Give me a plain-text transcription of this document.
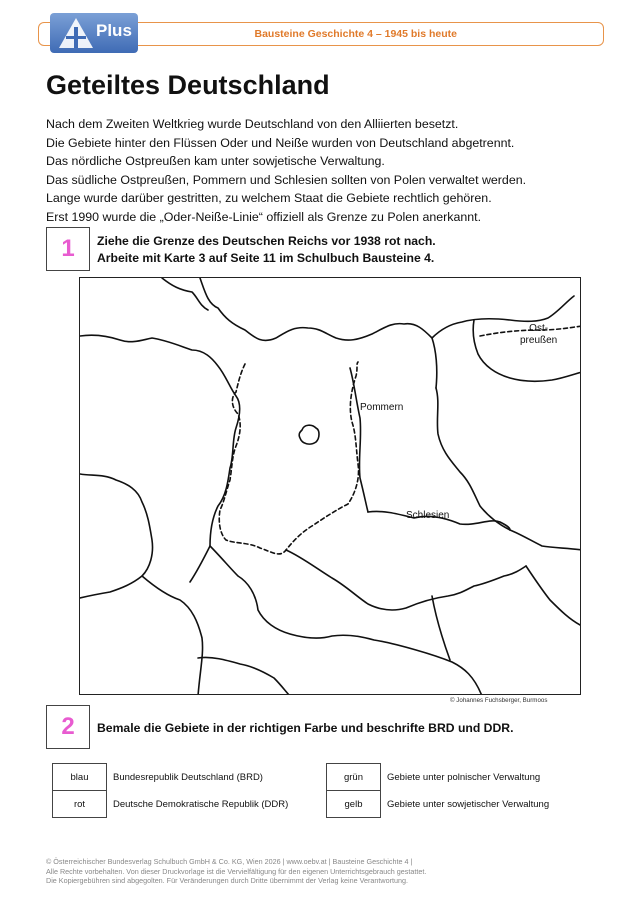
Bausteine Geschichte 4 – 1945 bis heute
Plus
Geteiltes Deutschland
Nach dem Zweiten Weltkrieg wurde Deutschland von den Alliierten besetzt.
Die Gebiete hinter den Flüssen Oder und Neiße wurden von Deutschland abgetrennt.
Das nördliche Ostpreußen kam unter sowjetische Verwaltung.
Das südliche Ostpreußen, Pommern und Schlesien sollten von Polen verwaltet werden.
Lange wurde darüber gestritten, zu welchem Staat die Gebiete rechtlich gehören.
Erst 1990 wurde die „Oder-Neiße-Linie“ offiziell als Grenze zu Polen anerkannt.
1	Ziehe die Grenze des Deutschen Reichs vor 1938 rot nach.
Arbeite mit Karte 3 auf Seite 11 im Schulbuch Bausteine 4.
Ost-
preußen
Pommern
Schlesien
© Johannes Fuchsberger, Burmoos
2	Bemale die Gebiete in der richtigen Farbe und beschrifte BRD und DDR.
blau	Bundesrepublik Deutschland (BRD)
rot	Deutsche Demokratische Republik (DDR)
grün	Gebiete unter polnischer Verwaltung
gelb	Gebiete unter sowjetischer Verwaltung
© Österreichischer Bundesverlag Schulbuch GmbH & Co. KG, Wien 2026 | www.oebv.at | Bausteine Geschichte 4 |
Alle Rechte vorbehalten. Von dieser Druckvorlage ist die Vervielfältigung für den eigenen Unterrichtsgebrauch gestattet.
Die Kopiergebühren sind abgegolten. Für Veränderungen durch Dritte übernimmt der Verlag keine Verantwortung.
